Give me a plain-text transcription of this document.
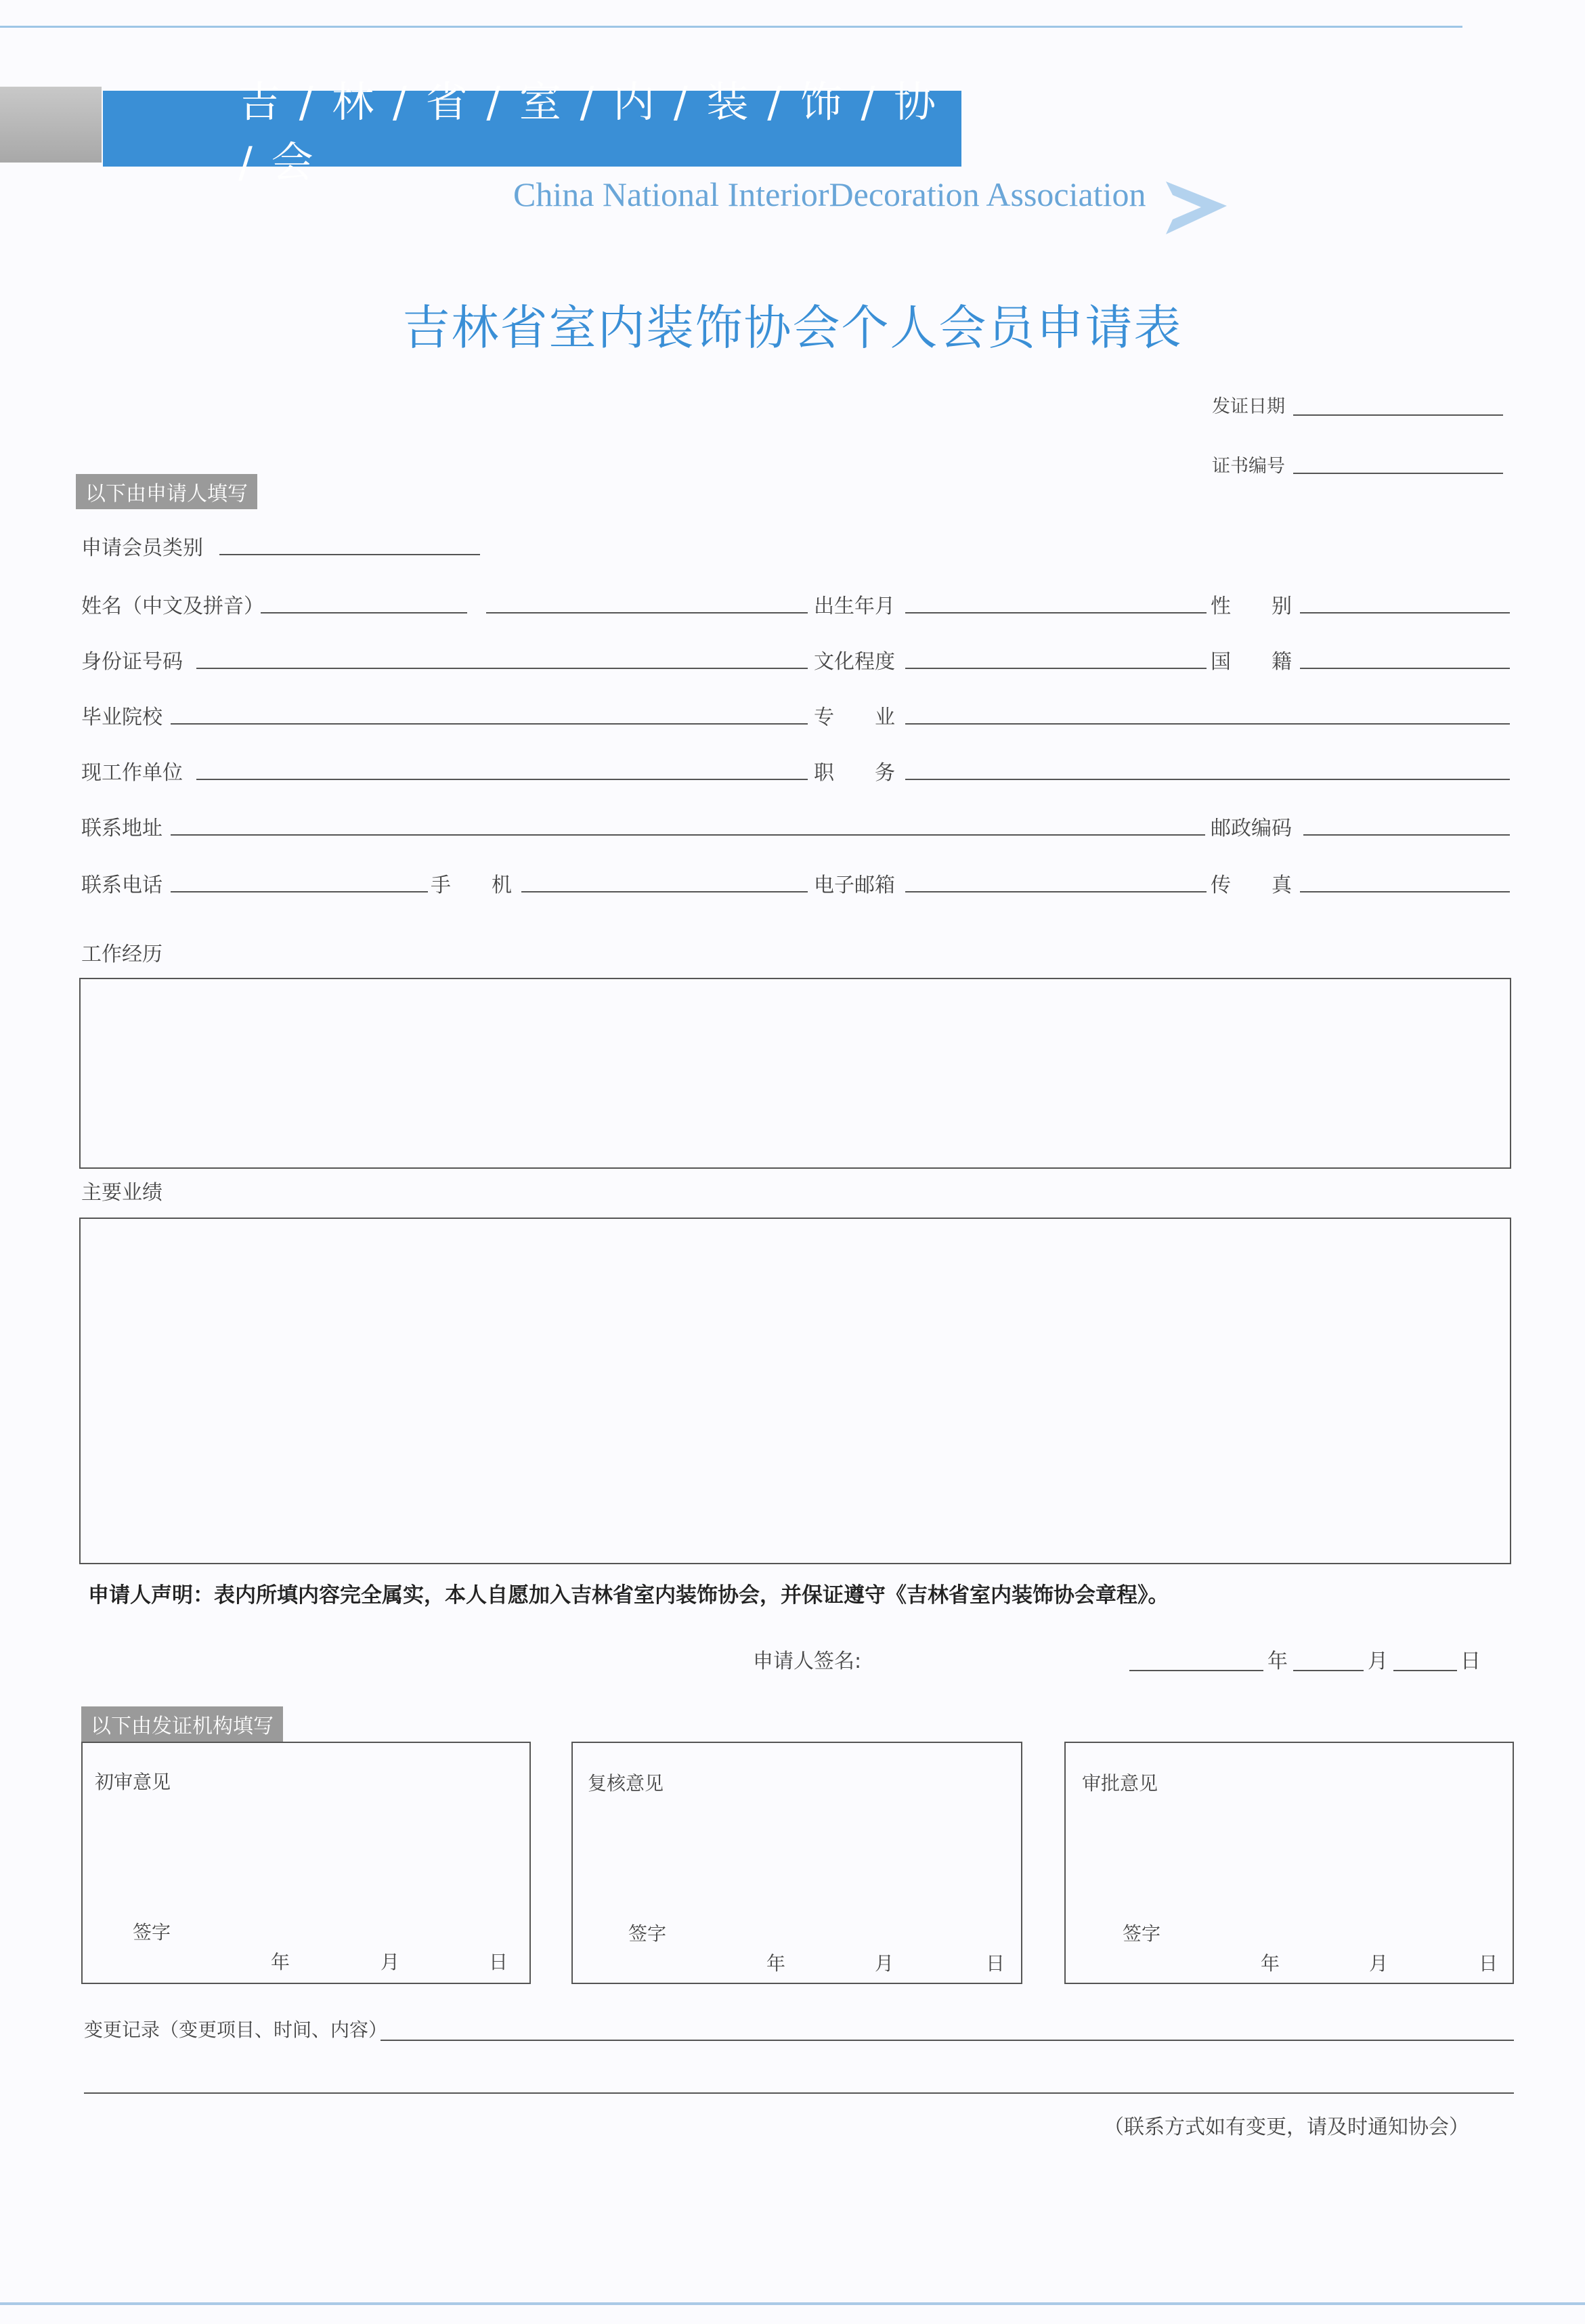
吉 / 林 / 省 / 室 / 内 / 装 / 饰 / 协 / 会
China National InteriorDecoration Association
吉林省室内装饰协会个人会员申请表
发证日期
证书编号
以下由申请人填写
申请会员类别
姓名（中文及拼音）	出生年月	性　　别
身份证号码	文化程度	国　　籍
毕业院校	专　　业
现工作单位	职　　务
联系地址	邮政编码
联系电话	手　　机	电子邮箱	传　　真
工作经历
主要业绩
申请人声明：表内所填内容完全属实，本人自愿加入吉林省室内装饰协会，并保证遵守《吉林省室内装饰协会章程》。
申请人签名:	年	月	日
以下由发证机构填写
初审意见
签字
年	月	日
复核意见
签字
年	月	日
审批意见
签字
年	月	日
变更记录（变更项目、时间、内容）
（联系方式如有变更，请及时通知协会）
